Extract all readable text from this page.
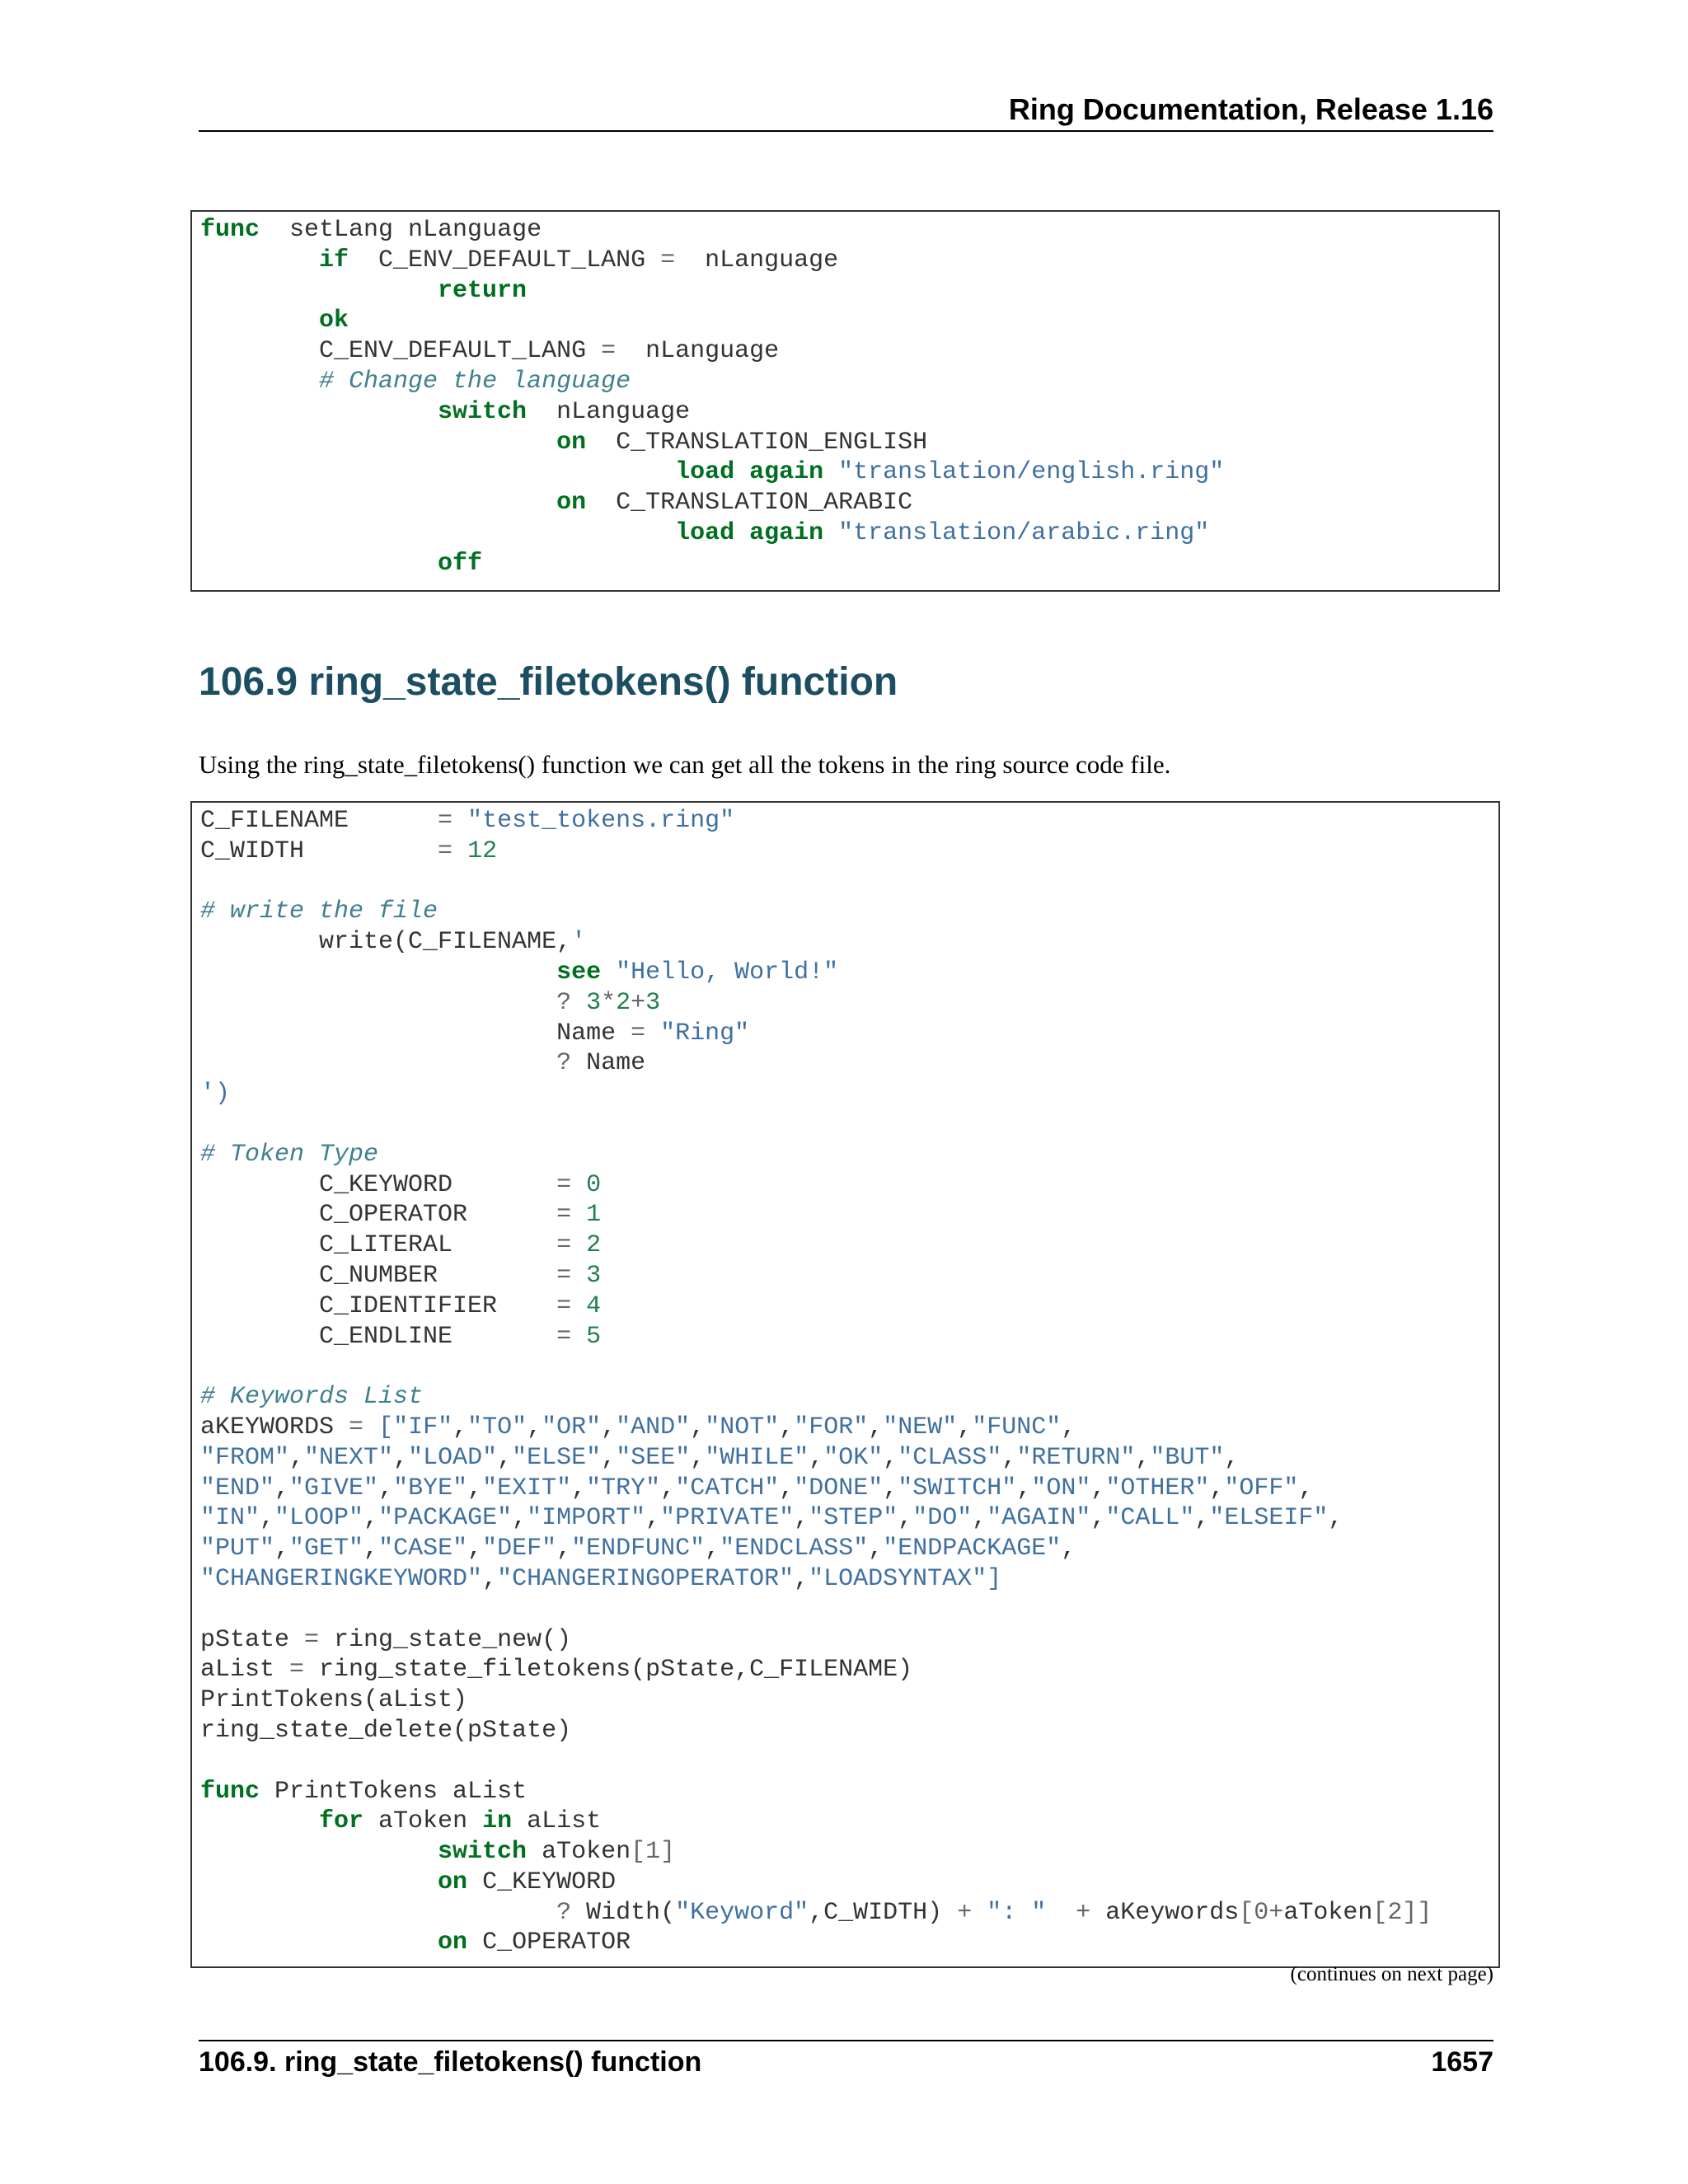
Ring Documentation, Release 1.16
func  setLang nLanguage
if  C_ENV_DEFAULT_LANG =  nLanguage
return
ok
C_ENV_DEFAULT_LANG =  nLanguage
# Change the language
switch  nLanguage
on  C_TRANSLATION_ENGLISH
load again "translation/english.ring"
on  C_TRANSLATION_ARABIC
load again "translation/arabic.ring"
off
106.9 ring_state_filetokens() function

Using the ring_state_filetokens() function we can get all the tokens in the ring source code file.

C_FILENAME      = "test_tokens.ring"
C_WIDTH         = 12
# write the file
write(C_FILENAME,'
see "Hello, World!"
? 3*2+3
Name = "Ring"
? Name
')
# Token Type
C_KEYWORD       = 0
C_OPERATOR      = 1
C_LITERAL       = 2
C_NUMBER        = 3
C_IDENTIFIER    = 4
C_ENDLINE       = 5
# Keywords List
aKEYWORDS = ["IF","TO","OR","AND","NOT","FOR","NEW","FUNC",
"FROM","NEXT","LOAD","ELSE","SEE","WHILE","OK","CLASS","RETURN","BUT",
"END","GIVE","BYE","EXIT","TRY","CATCH","DONE","SWITCH","ON","OTHER","OFF",
"IN","LOOP","PACKAGE","IMPORT","PRIVATE","STEP","DO","AGAIN","CALL","ELSEIF",
"PUT","GET","CASE","DEF","ENDFUNC","ENDCLASS","ENDPACKAGE",
"CHANGERINGKEYWORD","CHANGERINGOPERATOR","LOADSYNTAX"]
pState = ring_state_new()
aList = ring_state_filetokens(pState,C_FILENAME)
PrintTokens(aList)
ring_state_delete(pState)
func PrintTokens aList
for aToken in aList
switch aToken[1]
on C_KEYWORD
? Width("Keyword",C_WIDTH) + ": " + aKeywords[0+aToken[2]]
on C_OPERATOR
(continues on next page)
106.9. ring_state_filetokens() function	1657
